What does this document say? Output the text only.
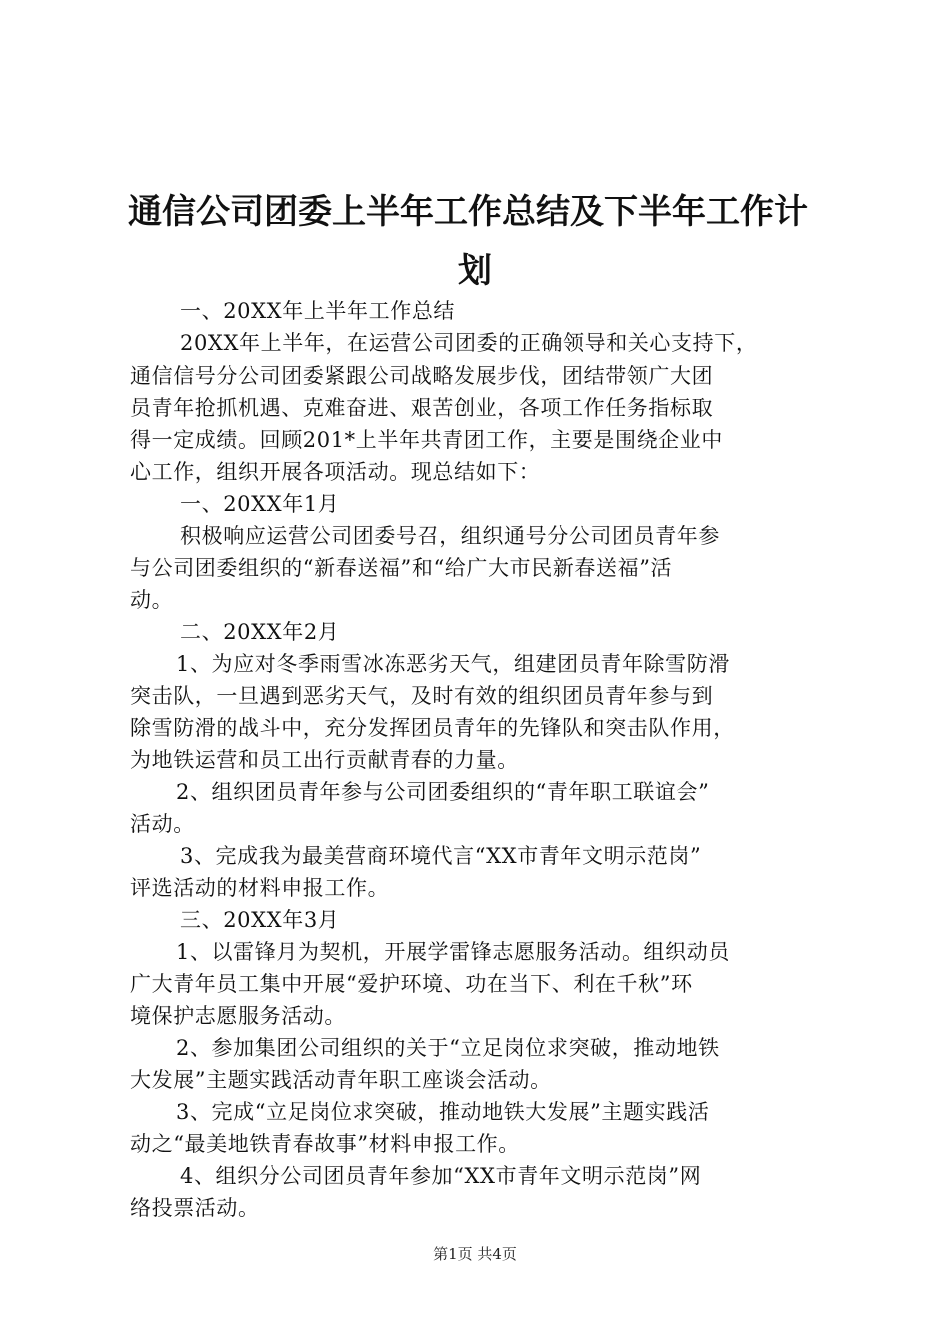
通信公司团委上半年工作总结及下半年工作计
划

一、20XX年上半年工作总结

20XX年上半年，在运营公司团委的正确领导和关心支持下，

通信信号分公司团委紧跟公司战略发展步伐，团结带领广大团

员青年抢抓机遇、克难奋进、艰苦创业，各项工作任务指标取

得一定成绩。回顾201*上半年共青团工作，主要是围绕企业中

心工作，组织开展各项活动。现总结如下：

一、20XX年1月

积极响应运营公司团委号召，组织通号分公司团员青年参

与公司团委组织的“新春送福”和“给广大市民新春送福”活

动。

二、20XX年2月

1、为应对冬季雨雪冰冻恶劣天气，组建团员青年除雪防滑

突击队，一旦遇到恶劣天气，及时有效的组织团员青年参与到

除雪防滑的战斗中，充分发挥团员青年的先锋队和突击队作用，

为地铁运营和员工出行贡献青春的力量。

2、组织团员青年参与公司团委组织的“青年职工联谊会”

活动。

3、完成我为最美营商环境代言“XX市青年文明示范岗”

评选活动的材料申报工作。

三、20XX年3月

1、以雷锋月为契机，开展学雷锋志愿服务活动。组织动员

广大青年员工集中开展“爱护环境、功在当下、利在千秋”环

境保护志愿服务活动。

2、参加集团公司组织的关于“立足岗位求突破，推动地铁

大发展”主题实践活动青年职工座谈会活动。

3、完成“立足岗位求突破，推动地铁大发展”主题实践活

动之“最美地铁青春故事”材料申报工作。

4、组织分公司团员青年参加“XX市青年文明示范岗”网

络投票活动。

第1页 共4页
